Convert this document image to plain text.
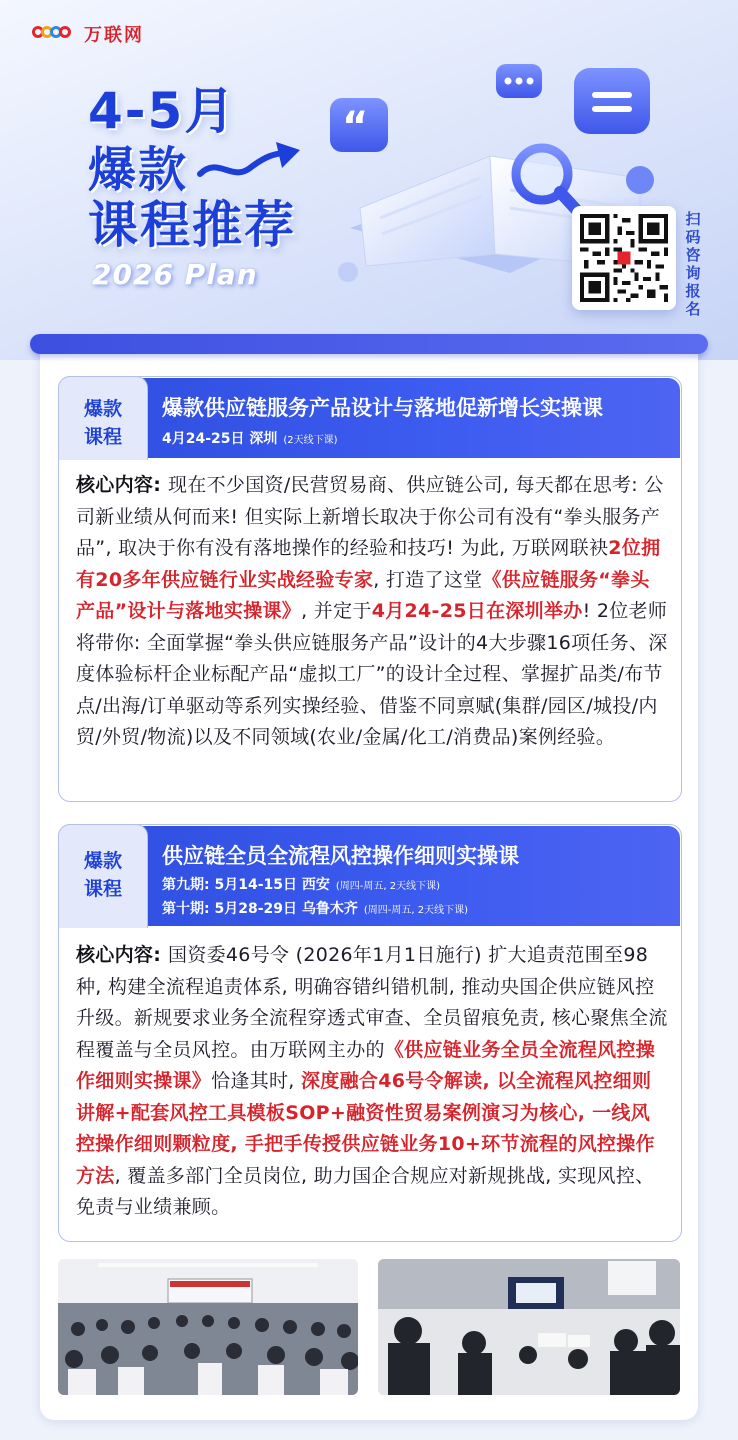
万联网
4-5月
爆款
课程推荐
2026 Plan
“
扫码咨询报名
爆款供应链服务产品设计与落地促新增长实操课
4月24-25日 深圳 (2天线下课)
爆款
课程
核心内容: 现在不少国资/民营贸易商、供应链公司, 每天都在思考: 公司新业绩从何而来! 但实际上新增长取决于你公司有没有“拳头服务产品”, 取决于你有没有落地操作的经验和技巧! 为此, 万联网联袂2位拥有20多年供应链行业实战经验专家, 打造了这堂《供应链服务“拳头产品”设计与落地实操课》, 并定于4月24-25日在深圳举办! 2位老师将带你: 全面掌握“拳头供应链服务产品”设计的4大步骤16项任务、深度体验标杆企业标配产品“虚拟工厂”的设计全过程、掌握扩品类/布节点/出海/订单驱动等系列实操经验、借鉴不同禀赋(集群/园区/城投/内贸/外贸/物流)以及不同领域(农业/金属/化工/消费品)案例经验。
供应链全员全流程风控操作细则实操课
第九期: 5月14-15日 西安 (周四-周五, 2天线下课)
第十期: 5月28-29日 乌鲁木齐 (周四-周五, 2天线下课)
爆款
课程
核心内容: 国资委46号令 (2026年1月1日施行) 扩大追责范围至98种, 构建全流程追责体系, 明确容错纠错机制, 推动央国企供应链风控升级。新规要求业务全流程穿透式审查、全员留痕免责, 核心聚焦全流程覆盖与全员风控。由万联网主办的《供应链业务全员全流程风控操作细则实操课》恰逢其时, 深度融合46号令解读, 以全流程风控细则讲解+配套风控工具模板SOP+融资性贸易案例演习为核心, 一线风控操作细则颗粒度, 手把手传授供应链业务10+环节流程的风控操作方法, 覆盖多部门全员岗位, 助力国企合规应对新规挑战, 实现风控、免责与业绩兼顾。
